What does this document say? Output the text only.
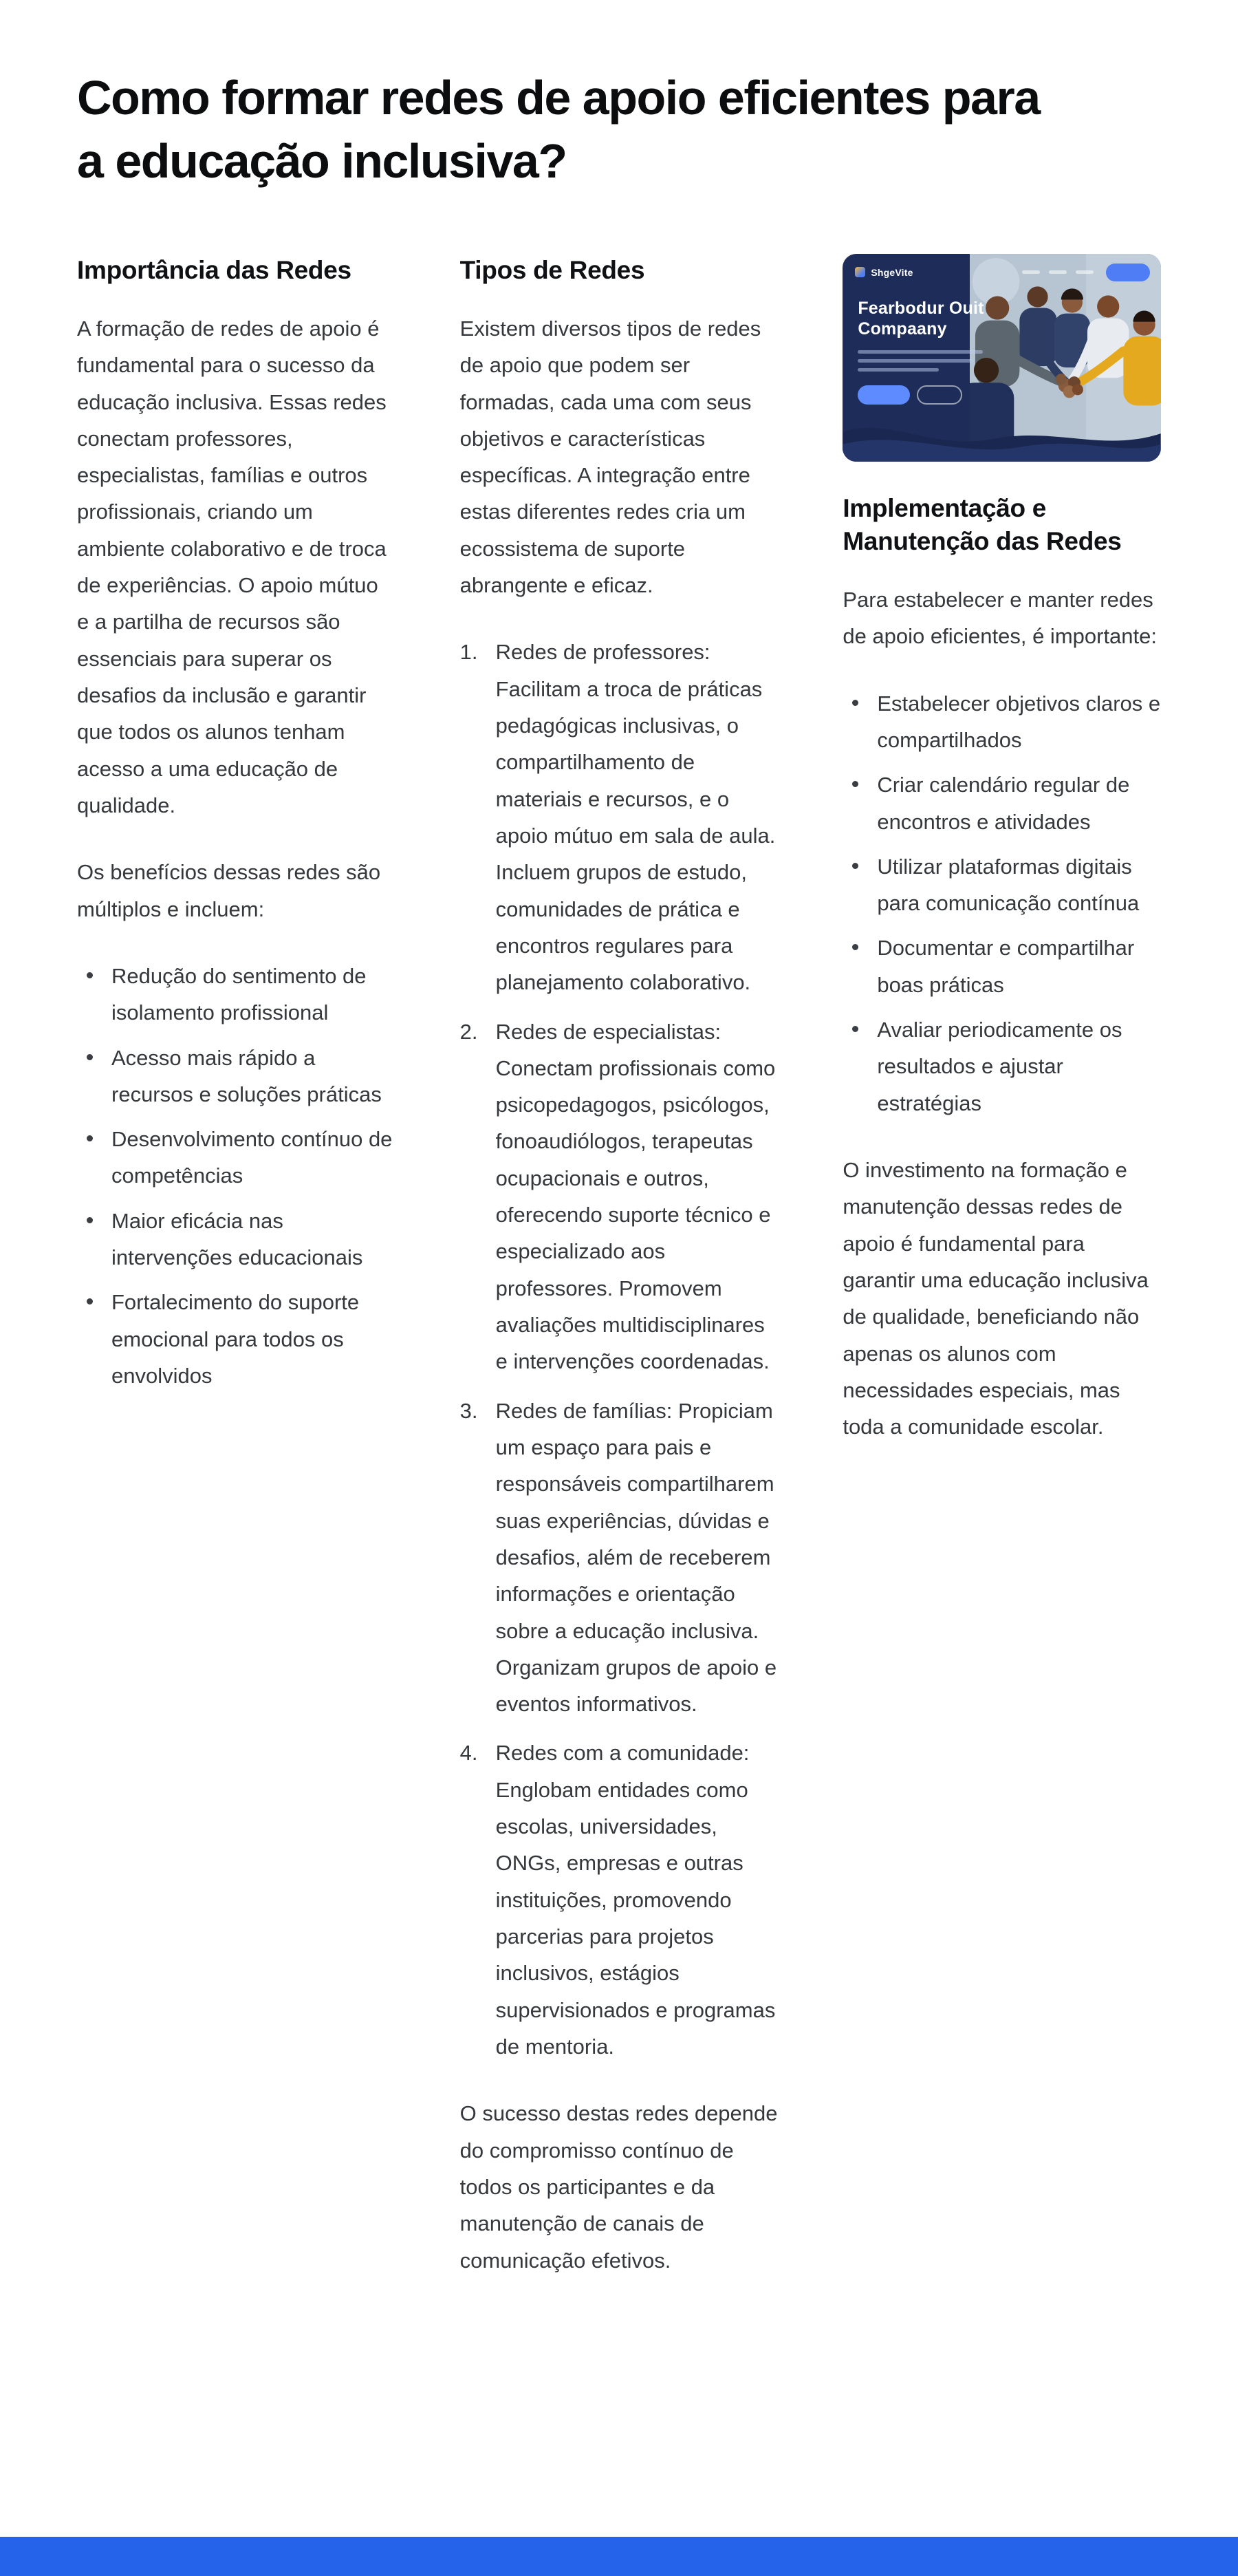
Como formar redes de apoio eficientes para a educação inclusiva?
Importância das Redes

A formação de redes de apoio é fundamental para o sucesso da educação inclusiva. Essas redes conectam professores, especialistas, famílias e outros profissionais, criando um ambiente colaborativo e de troca de experiências. O apoio mútuo e a partilha de recursos são essenciais para superar os desafios da inclusão e garantir que todos os alunos tenham acesso a uma educação de qualidade.

Os benefícios dessas redes são múltiplos e incluem:

Redução do sentimento de isolamento profissional
Acesso mais rápido a recursos e soluções práticas
Desenvolvimento contínuo de competências
Maior eficácia nas intervenções educacionais
Fortalecimento do suporte emocional para todos os envolvidos
Tipos de Redes

Existem diversos tipos de redes de apoio que podem ser formadas, cada uma com seus objetivos e características específicas. A integração entre estas diferentes redes cria um ecossistema de suporte abrangente e eficaz.

1. Redes de professores: Facilitam a troca de práticas pedagógicas inclusivas, o compartilhamento de materiais e recursos, e o apoio mútuo em sala de aula. Incluem grupos de estudo, comunidades de prática e encontros regulares para planejamento colaborativo.
2. Redes de especialistas: Conectam profissionais como psicopedagogos, psicólogos, fonoaudiólogos, terapeutas ocupacionais e outros, oferecendo suporte técnico e especializado aos professores. Promovem avaliações multidisciplinares e intervenções coordenadas.
3. Redes de famílias: Propiciam um espaço para pais e responsáveis compartilharem suas experiências, dúvidas e desafios, além de receberem informações e orientação sobre a educação inclusiva. Organizam grupos de apoio e eventos informativos.
4. Redes com a comunidade: Englobam entidades como escolas, universidades, ONGs, empresas e outras instituições, promovendo parcerias para projetos inclusivos, estágios supervisionados e programas de mentoria.

O sucesso destas redes depende do compromisso contínuo de todos os participantes e da manutenção de canais de comunicação efetivos.

ShgeVite
Fearbodur Ouit Compaany
Implementação e Manutenção das Redes

Para estabelecer e manter redes de apoio eficientes, é importante:

Estabelecer objetivos claros e compartilhados
Criar calendário regular de encontros e atividades
Utilizar plataformas digitais para comunicação contínua
Documentar e compartilhar boas práticas
Avaliar periodicamente os resultados e ajustar estratégias

O investimento na formação e manutenção dessas redes de apoio é fundamental para garantir uma educação inclusiva de qualidade, beneficiando não apenas os alunos com necessidades especiais, mas toda a comunidade escolar.
